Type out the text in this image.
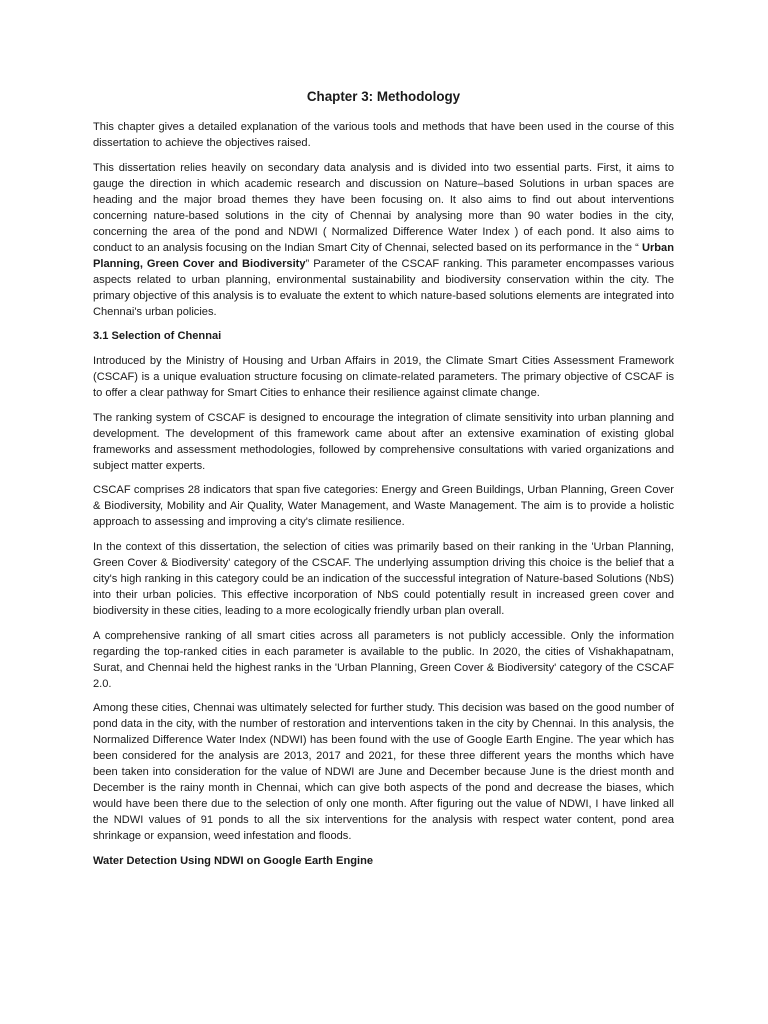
Chapter 3: Methodology

This chapter gives a detailed explanation of the various tools and methods that have been used in the course of this dissertation to achieve the objectives raised.

This dissertation relies heavily on secondary data analysis and is divided into two essential parts. First, it aims to gauge the direction in which academic research and discussion on Nature–based Solutions in urban spaces are heading and the major broad themes they have been focusing on. It also aims to find out about interventions concerning nature-based solutions in the city of Chennai by analysing more than 90 water bodies in the city, concerning the area of the pond and NDWI ( Normalized Difference Water Index ) of each pond. It also aims to conduct to an analysis focusing on the Indian Smart City of Chennai, selected based on its performance in the “ Urban Planning, Green Cover and Biodiversity” Parameter of the CSCAF ranking. This parameter encompasses various aspects related to urban planning, environmental sustainability and biodiversity conservation within the city. The primary objective of this analysis is to evaluate the extent to which nature-based solutions elements are integrated into Chennai's urban policies.

3.1 Selection of Chennai

Introduced by the Ministry of Housing and Urban Affairs in 2019, the Climate Smart Cities Assessment Framework (CSCAF) is a unique evaluation structure focusing on climate-related parameters. The primary objective of CSCAF is to offer a clear pathway for Smart Cities to enhance their resilience against climate change.

The ranking system of CSCAF is designed to encourage the integration of climate sensitivity into urban planning and development. The development of this framework came about after an extensive examination of existing global frameworks and assessment methodologies, followed by comprehensive consultations with varied organizations and subject matter experts.

CSCAF comprises 28 indicators that span five categories: Energy and Green Buildings, Urban Planning, Green Cover & Biodiversity, Mobility and Air Quality, Water Management, and Waste Management. The aim is to provide a holistic approach to assessing and improving a city's climate resilience.

In the context of this dissertation, the selection of cities was primarily based on their ranking in the 'Urban Planning, Green Cover & Biodiversity' category of the CSCAF. The underlying assumption driving this choice is the belief that a city's high ranking in this category could be an indication of the successful integration of Nature-based Solutions (NbS) into their urban policies. This effective incorporation of NbS could potentially result in increased green cover and biodiversity in these cities, leading to a more ecologically friendly urban plan overall.

A comprehensive ranking of all smart cities across all parameters is not publicly accessible. Only the information regarding the top-ranked cities in each parameter is available to the public. In 2020, the cities of Vishakhapatnam, Surat, and Chennai held the highest ranks in the 'Urban Planning, Green Cover & Biodiversity' category of the CSCAF 2.0.

Among these cities, Chennai was ultimately selected for further study. This decision was based on the good number of pond data in the city, with the number of restoration and interventions taken in the city by Chennai. In this analysis, the Normalized Difference Water Index (NDWI) has been found with the use of Google Earth Engine. The year which has been considered for the analysis are 2013, 2017 and 2021, for these three different years the months which have been taken into consideration for the value of NDWI are June and December because June is the driest month and December is the rainy month in Chennai, which can give both aspects of the pond and decrease the biases, which would have been there due to the selection of only one month. After figuring out the value of NDWI, I have linked all the NDWI values of 91 ponds to all the six interventions for the analysis with respect water content, pond area shrinkage or expansion, weed infestation and floods.

Water Detection Using NDWI on Google Earth Engine
